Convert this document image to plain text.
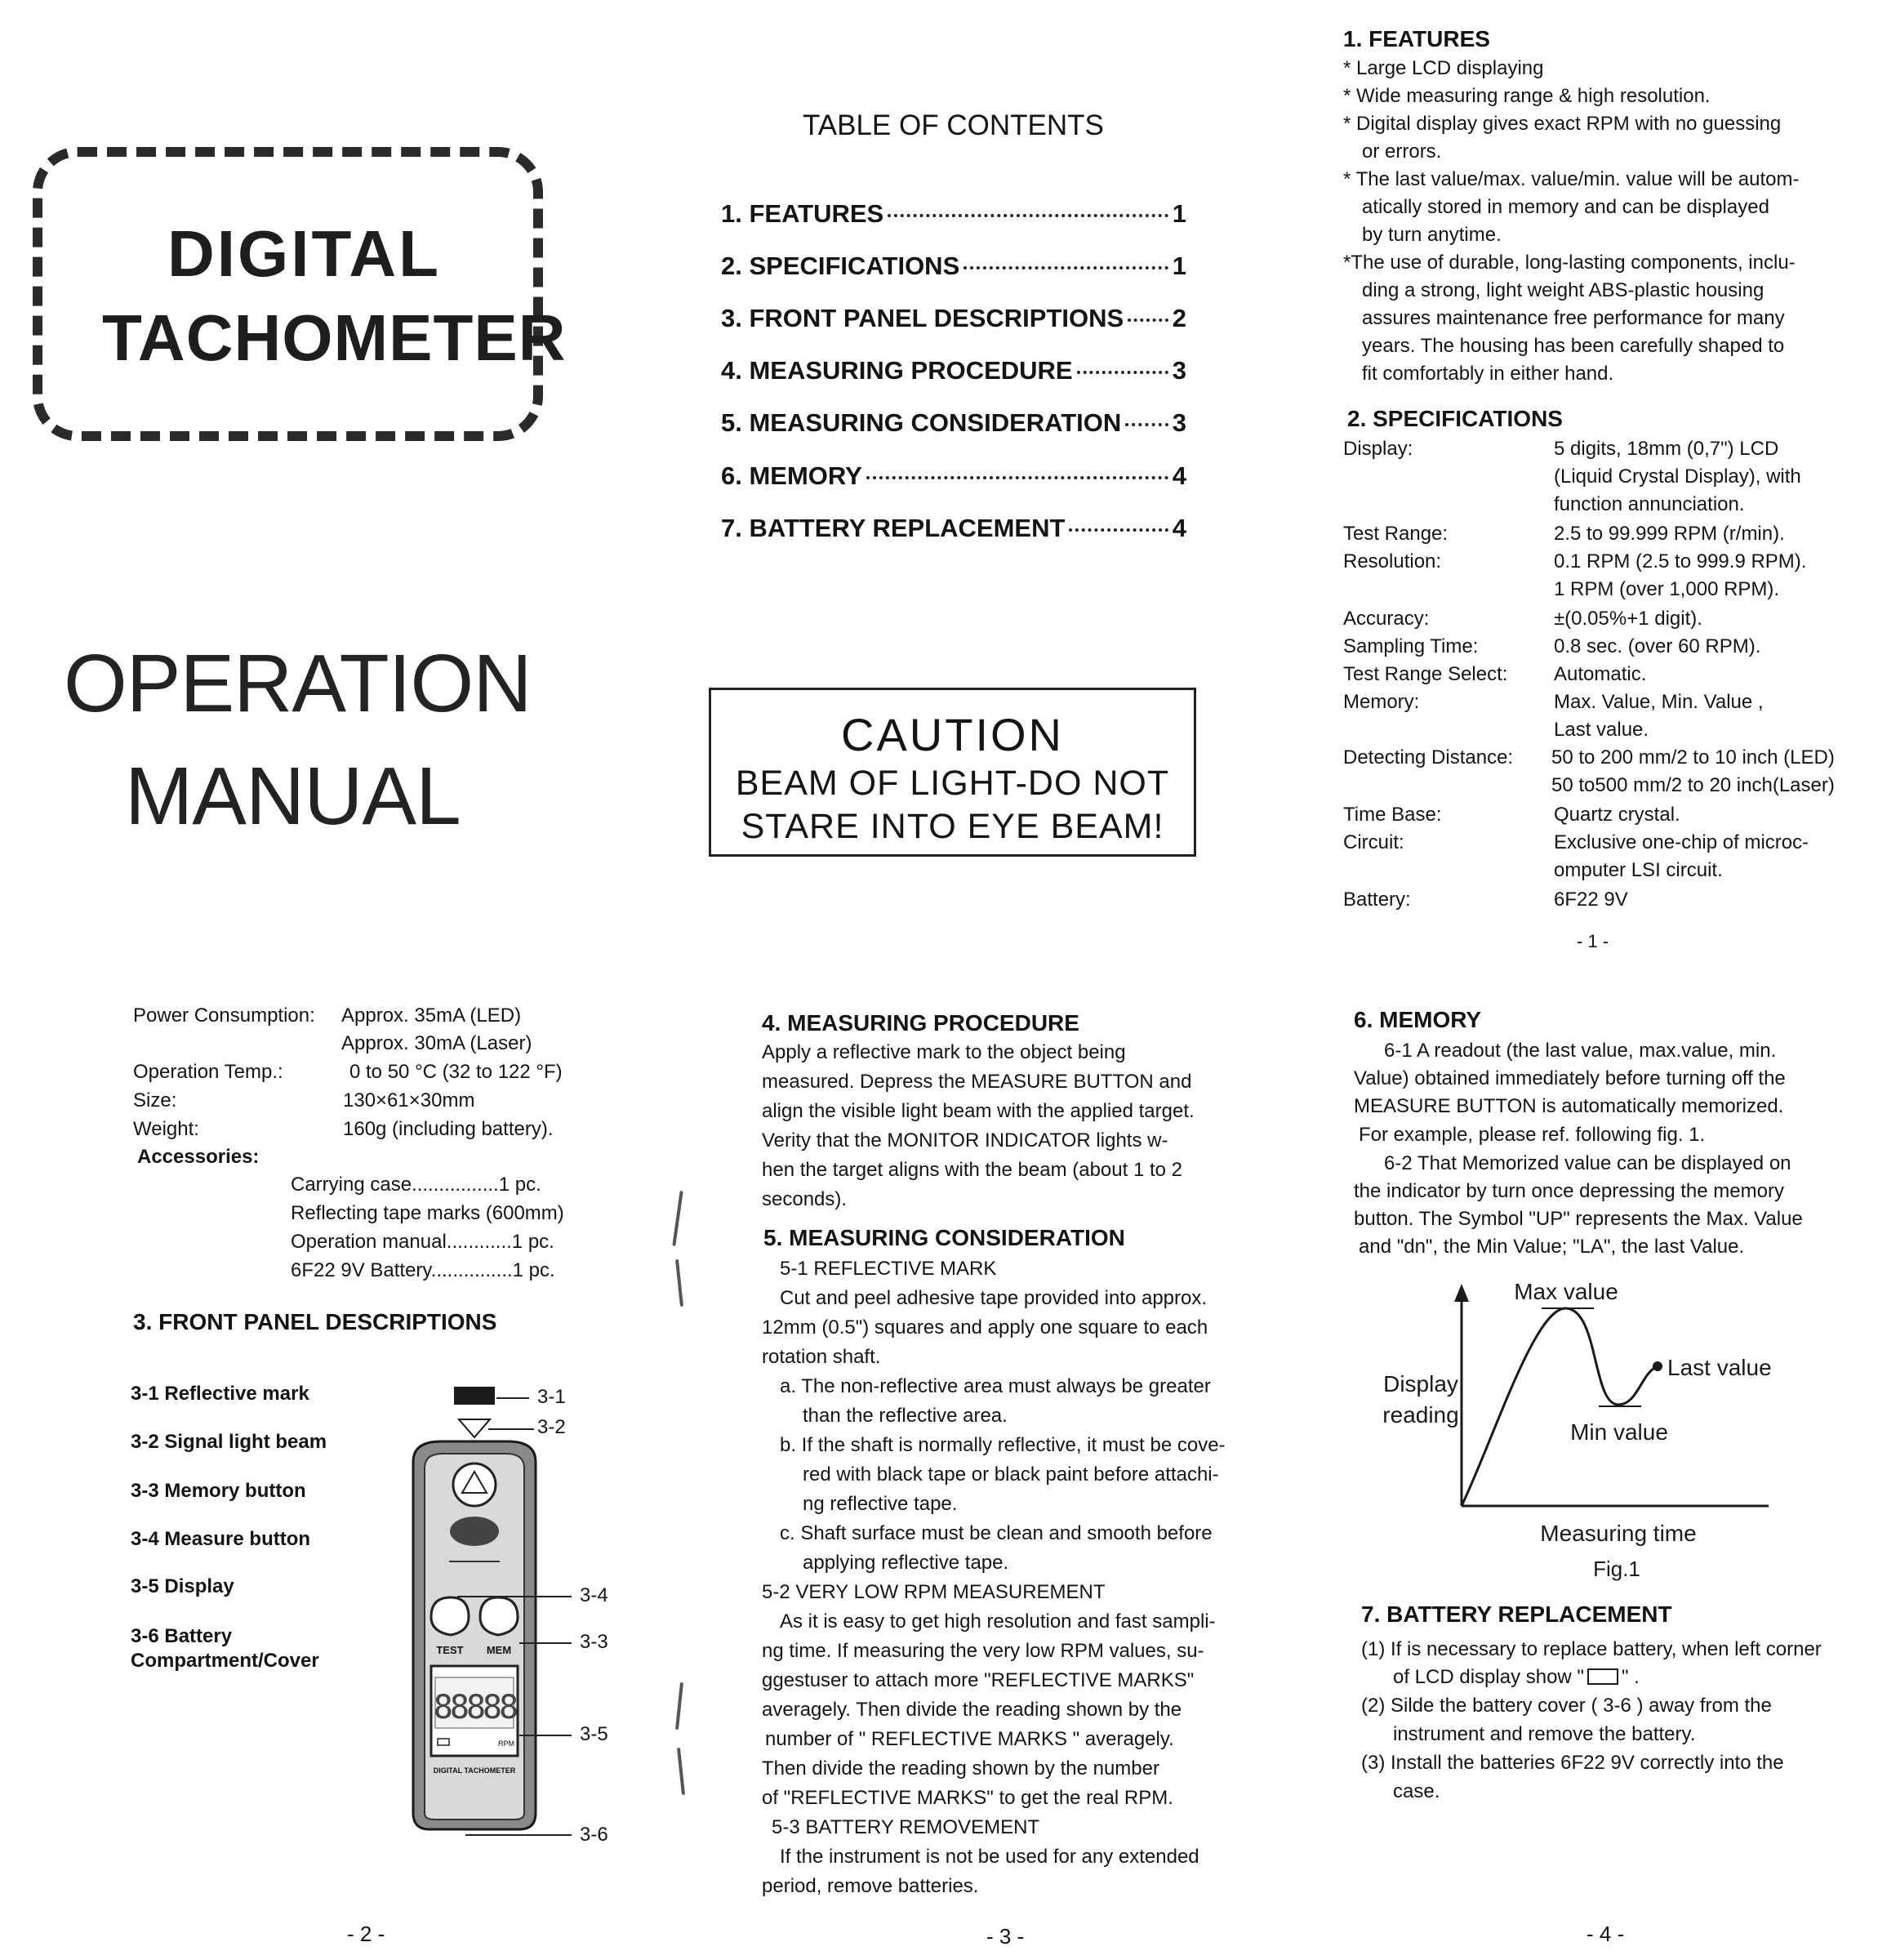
DIGITAL
TACHOMETER
OPERATION
MANUAL
TABLE OF CONTENTS
1. FEATURES	1
2. SPECIFICATIONS	1
3. FRONT PANEL DESCRIPTIONS 2
4. MEASURING PROCEDURE	3
5. MEASURING CONSIDERATION 3
6. MEMORY	4
7. BATTERY REPLACEMENT	4
CAUTION
BEAM OF LIGHT-DO NOT
STARE INTO EYE BEAM!
1. FEATURES
* Large LCD displaying
* Wide measuring range & high resolution.
* Digital display gives exact RPM with no guessing
or errors.
* The last value/max. value/min. value will be autom-
atically stored in memory and can be displayed
by turn anytime.
*The use of durable, long-lasting components, inclu-
ding a strong, light weight ABS-plastic housing
assures maintenance free performance for many
years. The housing has been carefully shaped to
fit comfortably in either hand.
2. SPECIFICATIONS
Display:	5 digits, 18mm (0,7") LCD
(Liquid Crystal Display), with
function annunciation.
Test Range:	2.5 to 99.999 RPM (r/min).
Resolution:	0.1 RPM (2.5 to 999.9 RPM).
1 RPM (over 1,000 RPM).
Accuracy:	±(0.05%+1 digit).
Sampling Time:	0.8 sec. (over 60 RPM).
Test Range Select: Automatic.
Memory:	Max. Value, Min. Value ,
Last value.
Detecting Distance: 50 to 200 mm/2 to 10 inch (LED)
50 to500 mm/2 to 20 inch(Laser)
Time Base:	Quartz crystal.
Circuit:	Exclusive one-chip of microc-
omputer LSI circuit.
Battery:	6F22 9V
- 1 -
Power Consumption: Approx. 35mA (LED)
Approx. 30mA (Laser)
Operation Temp.:	0 to 50 °C (32 to 122 °F)
Size:	130×61×30mm
Weight:	160g (including battery).
Accessories:
Carrying case................1 pc.
Reflecting tape marks (600mm)
Operation manual............1 pc.
6F22 9V Battery...............1 pc.
3. FRONT PANEL DESCRIPTIONS
3-1 Reflective mark
3-2 Signal light beam
3-3 Memory button
3-4 Measure button
3-5 Display
3-6 Battery
Compartment/Cover	TEST MEM
88888
RPM
DIGITAL TACHOMETER
3-1
3-2
3-4
3-3
3-5
3-6
- 2 -
4. MEASURING PROCEDURE
Apply a reflective mark to the object being
measured. Depress the MEASURE BUTTON and
align the visible light beam with the applied target.
Verity that the MONITOR INDICATOR lights w-
hen the target aligns with the beam (about 1 to 2
seconds).
5. MEASURING CONSIDERATION
5-1 REFLECTIVE MARK
Cut and peel adhesive tape provided into approx.
12mm (0.5") squares and apply one square to each
rotation shaft.
a. The non-reflective area must always be greater
than the reflective area.
b. If the shaft is normally reflective, it must be cove-
red with black tape or black paint before attachi-
ng reflective tape.
c. Shaft surface must be clean and smooth before
applying reflective tape.
5-2 VERY LOW RPM MEASUREMENT
As it is easy to get high resolution and fast sampli-
ng time. If measuring the very low RPM values, su-
ggestuser to attach more "REFLECTIVE MARKS"
averagely. Then divide the reading shown by the
number of " REFLECTIVE MARKS " averagely.
Then divide the reading shown by the number
of "REFLECTIVE MARKS" to get the real RPM.
5-3 BATTERY REMOVEMENT
If the instrument is not be used for any extended
period, remove batteries.
- 3 -
6. MEMORY
6-1 A readout (the last value, max.value, min.
Value) obtained immediately before turning off the
MEASURE BUTTON is automatically memorized.
For example, please ref. following fig. 1.
6-2 That Memorized value can be displayed on
the indicator by turn once depressing the memory
button. The Symbol "UP" represents the Max. Value
and "dn", the Min Value; "LA", the last Value.
Max value
Last value
Min value
Display
reading
Measuring time
Fig.1
7. BATTERY REPLACEMENT
(1) If is necessary to replace battery, when left corner
of LCD display show " " .
(2) Silde the battery cover ( 3-6 ) away from the
instrument and remove the battery.
(3) Install the batteries 6F22 9V correctly into the
case.
- 4 -
